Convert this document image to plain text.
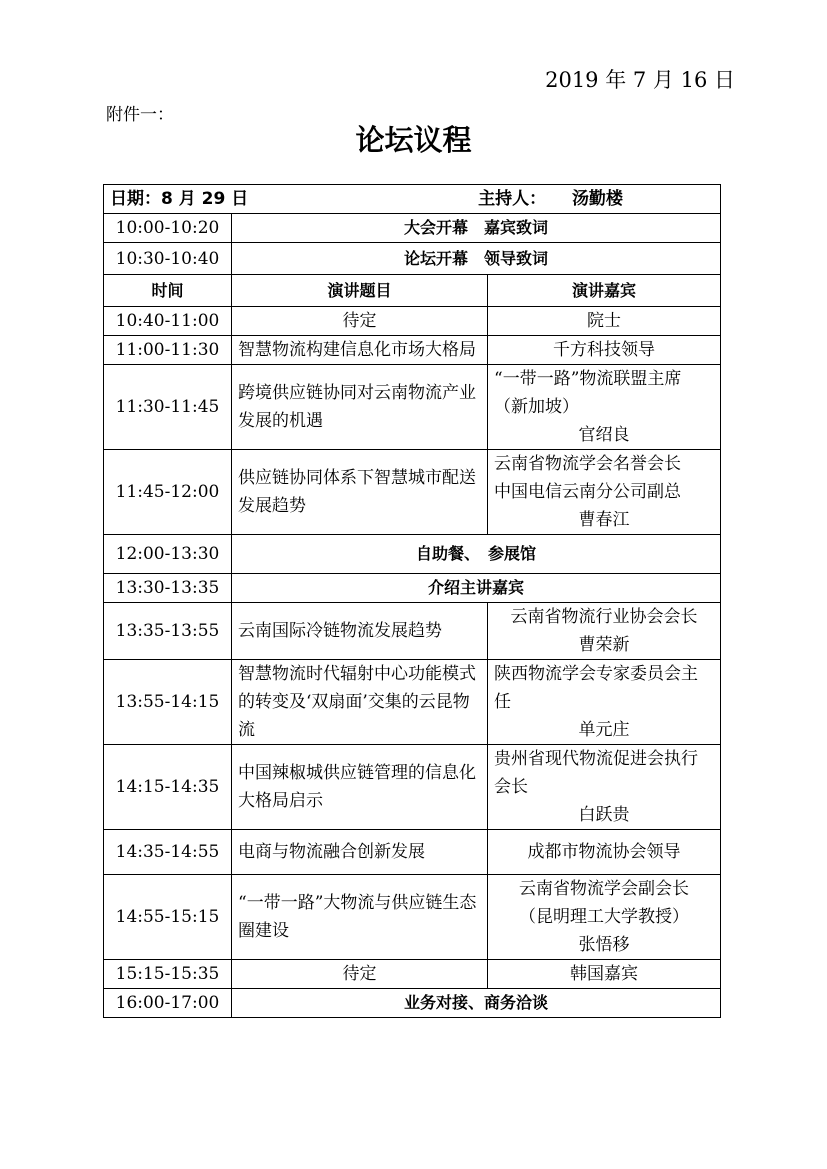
2019 年 7 月 16 日
附件一：
论坛议程
日期：8 月 29 日 主持人： 汤勤楼		
10:00-10:20	大会开幕　嘉宾致词	
10:30-10:40	论坛开幕　领导致词	
时间	演讲题目	演讲嘉宾
10:40-11:00	待定	院士

11:00-11:30	智慧物流构建信息化市场大格局	千方科技领导

11:30-11:45	跨境供应链协同对云南物流产业发展的机遇	“一带一路”物流联盟主席（新加坡）
官绍良

11:45-12:00	供应链协同体系下智慧城市配送发展趋势	云南省物流学会名誉会长
中国电信云南分公司副总
曹春江

12:00-13:30	自助餐、　参展馆	
13:30-13:35	介绍主讲嘉宾	
13:35-13:55	云南国际冷链物流发展趋势	云南省物流行业协会会长
曹荣新

13:55-14:15	智慧物流时代辐射中心功能模式的转变及‘双扇面’交集的云昆物流	陕西物流学会专家委员会主任
单元庄

14:15-14:35	中国辣椒城供应链管理的信息化大格局启示	贵州省现代物流促进会执行会长
白跃贵

14:35-14:55	电商与物流融合创新发展	成都市物流协会领导

14:55-15:15	“一带一路”大物流与供应链生态圈建设	云南省物流学会副会长
（昆明理工大学教授）
张悟移

15:15-15:35	待定	韩国嘉宾

16:00-17:00	业务对接、商务洽谈	
